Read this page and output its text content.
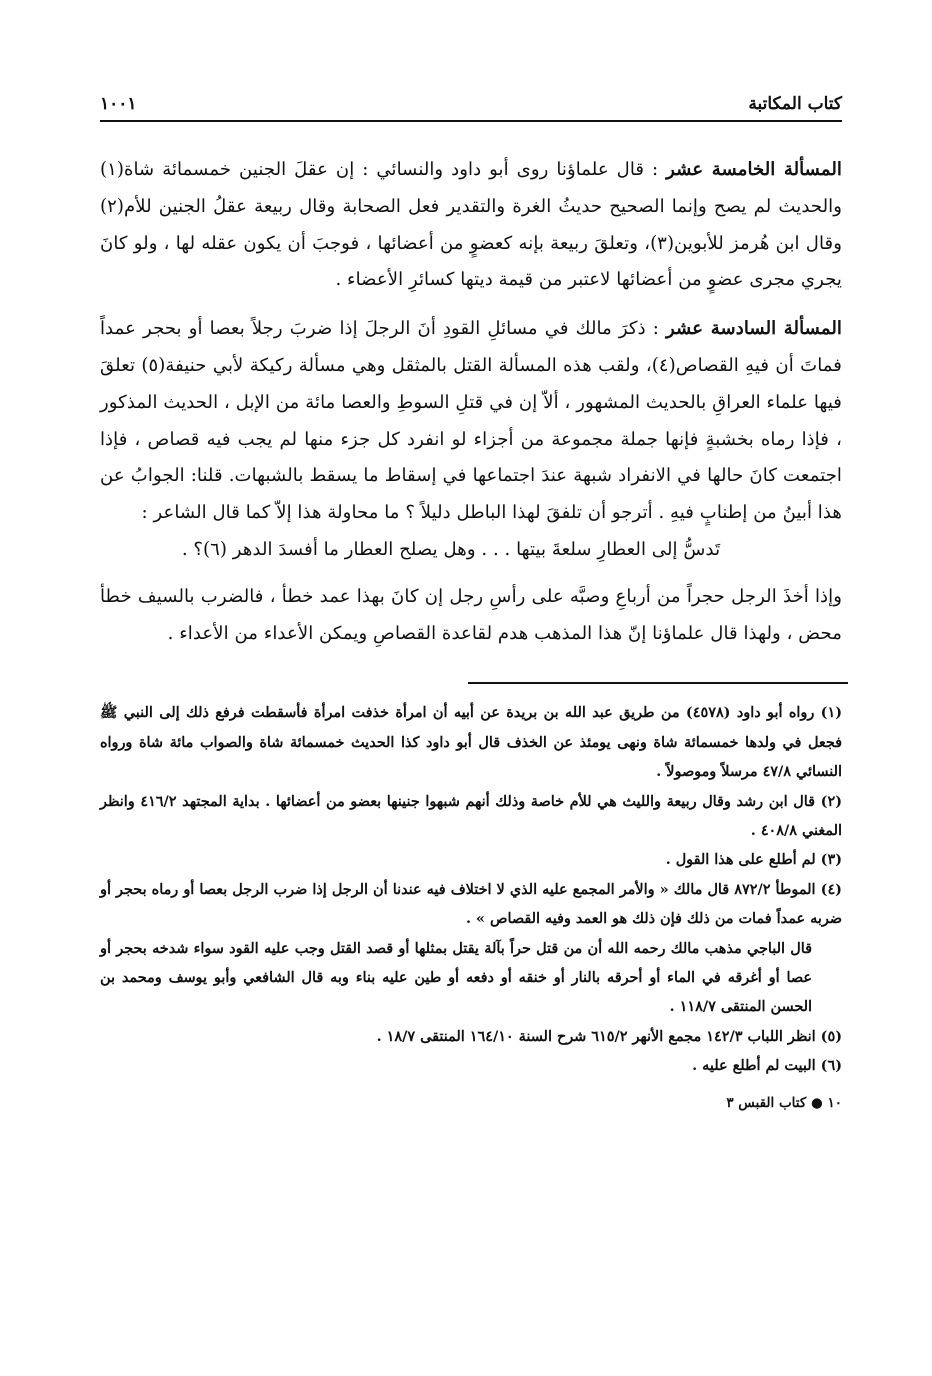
كتاب المكاتبة
١٠٠١

المسألة الخامسة عشر : قال علماؤنا روى أبو داود والنسائي : إن عقلَ الجنين خمسمائة شاة(١) والحديث لم يصح وإنما الصحيح حديثُ الغرة والتقدير فعل الصحابة وقال ربيعة عقلُ الجنين للأم(٢) وقال ابن هُرمز للأبوين(٣)، وتعلقَ ربيعة بإنه كعضوٍ من أعضائها ، فوجبَ أن يكون عقله لها ، ولو كانَ يجري مجرى عضوٍ من أعضائها لاعتبر من قيمة ديتها كسائرِ الأعضاء .

المسألة السادسة عشر : ذكرَ مالك في مسائلِ القودِ أنَ الرجلَ إذا ضربَ رجلاً بعصا أو بحجر عمداً فماتَ أن فيهِ القصاص(٤)، ولقب هذه المسألة القتل بالمثقل وهي مسألة ركيكة لأبي حنيفة(٥) تعلقَ فيها علماء العراقِ بالحديث المشهور ، ألاّ إن في قتلِ السوطِ والعصا مائة من الإبل ، الحديث المذكور ، فإذا رماه بخشبةٍ فإنها جملة مجموعة من أجزاء لو انفرد كل جزء منها لم يجب فيه قصاص ، فإذا اجتمعت كانَ حالها في الانفراد شبهة عندَ اجتماعها في إسقاط ما يسقط بالشبهات. قلنا: الجوابُ عن هذا أبينُ من إطنابٍ فيهِ . أترجو أن تلفقَ لهذا الباطل دليلاً ؟ ما محاولة هذا إلاّ كما قال الشاعر :

تَدسُّ إلى العطارِ سلعةَ بيتها . . . وهل يصلح العطار ما أفسدَ الدهر (٦)؟ .

وإذا أخذَ الرجل حجراً من أرباعِ وصبَّه على رأسِ رجل إن كانَ بهذا عمد خطأ ، فالضرب بالسيف خطأ محض ، ولهذا قال علماؤنا إنّ هذا المذهب هدم لقاعدة القصاصِ ويمكن الأعداء من الأعداء .

(١) رواه أبو داود (٤٥٧٨) من طريق عبد الله بن بريدة عن أبيه أن امرأة خذفت امرأة فأسقطت فرفع ذلك إلى النبي ﷺ فجعل في ولدها خمسمائة شاة ونهى يومئذ عن الخذف قال أبو داود كذا الحديث خمسمائة شاة والصواب مائة شاة ورواه النسائي ٤٧/٨ مرسلاً وموصولاً .

(٢) قال ابن رشد وقال ربيعة والليث هي للأم خاصة وذلك أنهم شبهوا جنينها بعضو من أعضائها . بداية المجتهد ٤١٦/٢ وانظر المغني ٤٠٨/٨ .

(٣) لم أطلع على هذا القول .

(٤) الموطأ ٨٧٢/٢ قال مالك « والأمر المجمع عليه الذي لا اختلاف فيه عندنا أن الرجل إذا ضرب الرجل بعصا أو رماه بحجر أو ضربه عمداً فمات من ذلك فإن ذلك هو العمد وفيه القصاص » .

قال الباجي مذهب مالك رحمه الله أن من قتل حراً بآلة يقتل بمثلها أو قصد القتل وجب عليه القود سواء شدخه بحجر أو عصا أو أغرقه في الماء أو أحرقه بالنار أو خنقه أو دفعه أو طين عليه بناء وبه قال الشافعي وأبو يوسف ومحمد بن الحسن المنتقى ١١٨/٧ .

(٥) انظر اللباب ١٤٢/٣ مجمع الأنهر ٦١٥/٢ شرح السنة ١٦٤/١٠ المنتقى ١٨/٧ .

(٦) البيت لم أطلع عليه .

١٠ ● كتاب القبس ٣
